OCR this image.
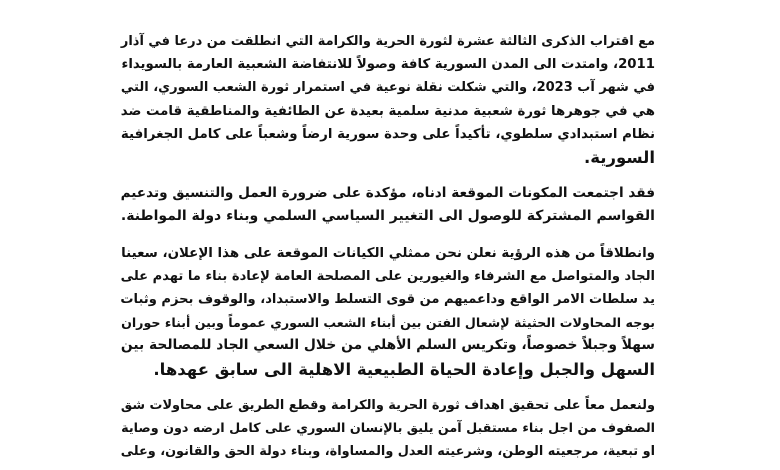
مع اقتراب الذكرى الثالثة عشرة لثورة الحرية والكرامة التي انطلقت من درعا في آذار
2011، وامتدت الى المدن السورية كافة وصولاً للانتفاضة الشعبية العارمة بالسويداء
في شهر آب 2023، والتي شكلت نقلة نوعية في استمرار ثورة الشعب السوري، التي
هي في جوهرها ثورة شعبية مدنية سلمية بعيدة عن الطائفية والمناطقية قامت ضد
نظام استبدادي سلطوي، تأكيداً على وحدة سورية ارضاً وشعباً على كامل الجغرافية
السورية.

فقد اجتمعت المكونات الموقعة ادناه، مؤكدة على ضرورة العمل والتنسيق وتدعيم
القواسم المشتركة للوصول الى التغيير السياسي السلمي وبناء دولة المواطنة.

وانطلاقاً من هذه الرؤية نعلن نحن ممثلي الكيانات الموقعة على هذا الإعلان، سعينا
الجاد والمتواصل مع الشرفاء والغيورين على المصلحة العامة لإعادة بناء ما تهدم على
يد سلطات الامر الواقع وداعميهم من قوى التسلط والاستبداد، والوقوف بحزم وثبات
بوجه المحاولات الحثيثة لإشعال الفتن بين أبناء الشعب السوري عموماً وبين أبناء حوران
سهلاً وجبلاً خصوصاً، وتكريس السلم الأهلي من خلال السعي الجاد للمصالحة بين
السهل والجبل وإعادة الحياة الطبيعية الاهلية الى سابق عهدها.

ولنعمل معاً على تحقيق اهداف ثورة الحرية والكرامة وقطع الطريق على محاولات شق
الصفوف من اجل بناء مستقبل آمن يليق بالإنسان السوري على كامل ارضه دون وصاية
او تبعية، مرجعيته الوطن، وشرعيته العدل والمساواة، وبناء دولة الحق والقانون، وعلى
